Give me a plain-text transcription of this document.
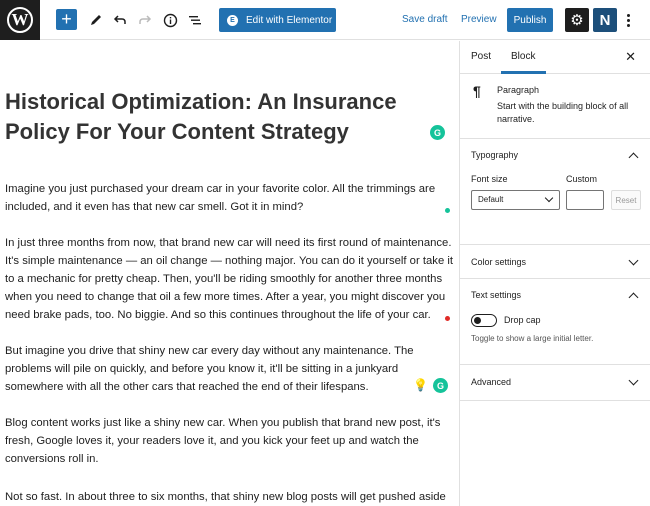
W +	E	Edit with Elementor	Save draft Preview	Publish	⚙	N
Historical Optimization: An Insurance Policy For Your Content Strategy	G

Imagine you just purchased your dream car in your favorite color. All the trimmings are included, and it even has that new car smell. Got it in mind?

In just three months from now, that brand new car will need its first round of maintenance. It's simple maintenance — an oil change — nothing major. You can do it yourself or take it to a mechanic for pretty cheap. Then, you'll be riding smoothly for another three months when you need to change that oil a few more times. After a year, you might discover you need brake pads, too. No biggie. And so this continues throughout the life of your car.

But imagine you drive that shiny new car every day without any maintenance. The problems will pile on quickly, and before you know it, it'll be sitting in a junkyard somewhere with all the other cars that reached the end of their lifespans.	💡	G

Blog content works just like a shiny new car. When you publish that brand new post, it's fresh, Google loves it, your readers love it, and you kick your feet up and watch the conversions roll in.

Not so fast. In about three to six months, that shiny new blog posts will get pushed aside

Post Block	✕
¶ Paragraph
Start with the building block of all narrative.
Typography
Font size	Custom
Default	Reset
Color settings
Text settings
Drop cap
Toggle to show a large initial letter.
Advanced
